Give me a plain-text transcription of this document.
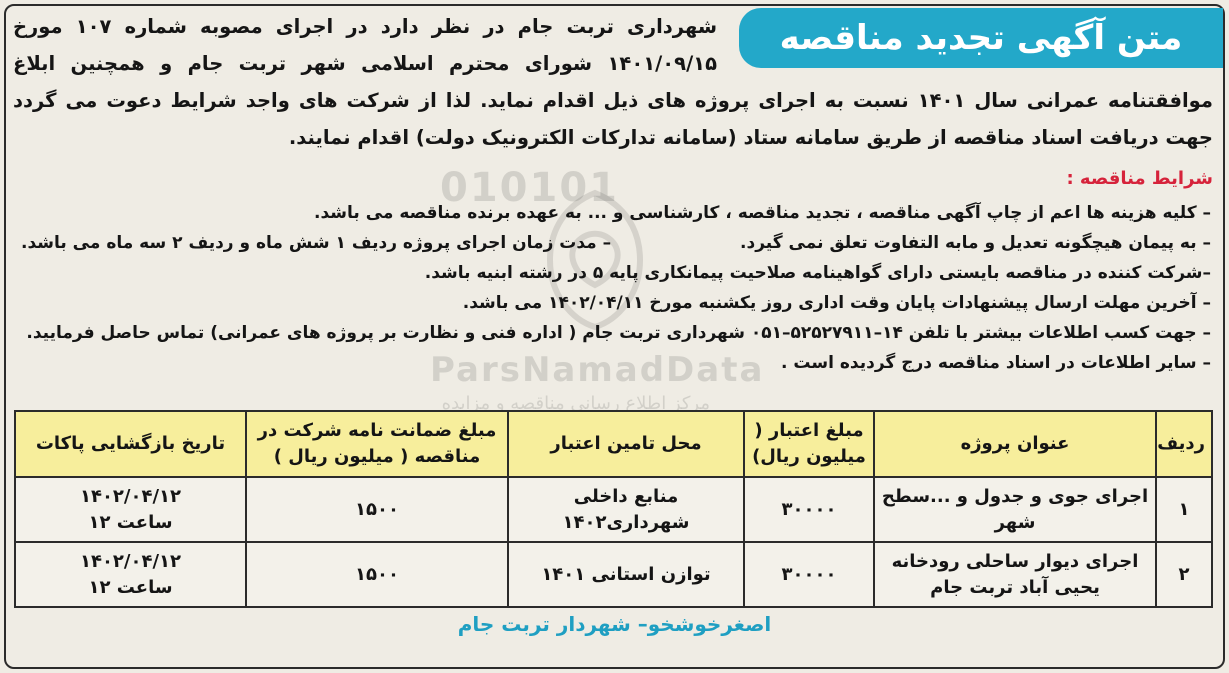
شهرداری تربت جام در نظر دارد در اجرای مصوبه شماره ۱۰۷ مورخ ۱۴۰۱/۰۹/۱۵ شورای محترم اسلامی شهر تربت جام و همچنین ابلاغ موافقتنامه عمرانی سال ۱۴۰۱ نسبت به اجرای پروژه های ذیل اقدام نماید. لذا از شرکت های واجد شرایط دعوت می گردد جهت دریافت اسناد مناقصه از طریق سامانه ستاد (سامانه تدارکات الکترونیک دولت) اقدام نمایند.
متن آگهی تجدید مناقصه
010101
ParsNamadData
مرکز اطلاع رسانی مناقصه و مزایده
شرایط مناقصه :
– کلیه هزینه ها اعم از چاپ آگهی مناقصه ، تجدید مناقصه ، کارشناسی و ... به عهده برنده مناقصه می باشد.
– به پیمان هیچگونه تعدیل و مابه التفاوت تعلق نمی گیرد.
– مدت زمان اجرای پروژه ردیف ۱ شش ماه و ردیف ۲ سه ماه می باشد.
–شرکت کننده در مناقصه بایستی دارای گواهینامه صلاحیت پیمانکاری پایه ۵ در رشته ابنیه باشد.
– آخرین مهلت ارسال پیشنهادات پایان وقت اداری روز یکشنبه مورخ ۱۴۰۲/۰۴/۱۱ می باشد.
– جهت کسب اطلاعات بیشتر با تلفن ۱۴–۵۲۵۲۷۹۱۱–۰۵۱ شهرداری تربت جام ( اداره فنی و نظارت بر پروژه های عمرانی) تماس حاصل فرمایید.
– سایر اطلاعات در اسناد مناقصه درج گردیده است .
ردیف	عنوان پروژه	مبلغ اعتبار ( میلیون ریال)	محل تامین اعتبار	مبلغ ضمانت نامه شرکت در مناقصه ( میلیون ریال )	تاریخ بازگشایی پاکات
۱	اجرای جوی و جدول و ...سطح شهر	۳۰۰۰۰	منابع داخلی شهرداری۱۴۰۲	۱۵۰۰	۱۴۰۲/۰۴/۱۲
ساعت ۱۲

۲	اجرای دیوار ساحلی رودخانه یحیی آباد تربت جام	۳۰۰۰۰	توازن استانی ۱۴۰۱	۱۵۰۰	۱۴۰۲/۰۴/۱۲
ساعت ۱۲
اصغرخوشخو– شهردار تربت جام
